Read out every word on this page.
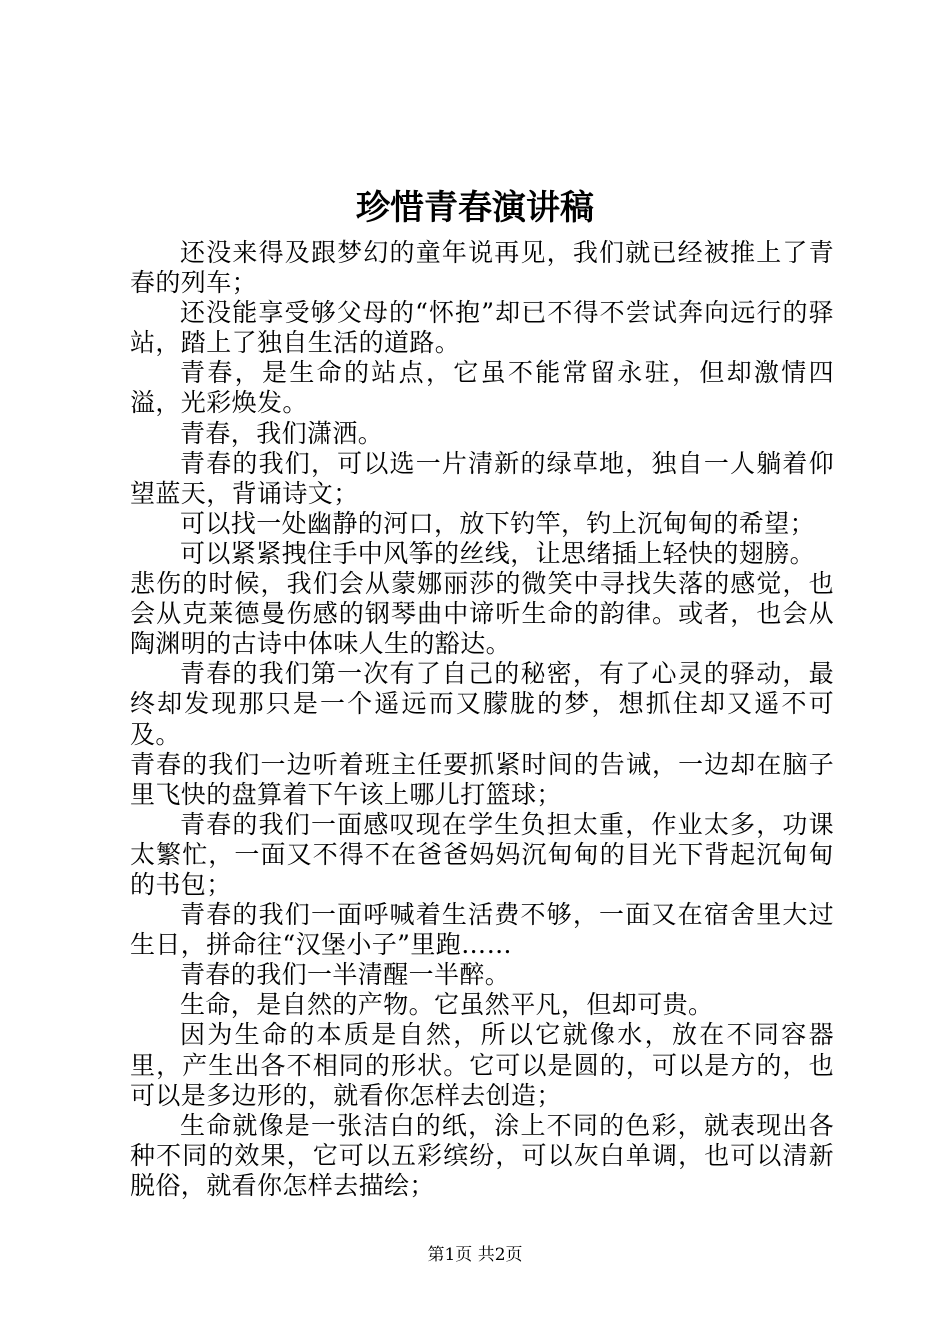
珍惜青春演讲稿

还没来得及跟梦幻的童年说再见，我们就已经被推上了青春的列车；

还没能享受够父母的“怀抱”却已不得不尝试奔向远行的驿站，踏上了独自生活的道路。

青春，是生命的站点，它虽不能常留永驻，但却激情四溢，光彩焕发。

青春，我们潇洒。

青春的我们，可以选一片清新的绿草地，独自一人躺着仰望蓝天，背诵诗文；

可以找一处幽静的河口，放下钓竿，钓上沉甸甸的希望；

可以紧紧拽住手中风筝的丝线，让思绪插上轻快的翅膀。

悲伤的时候，我们会从蒙娜丽莎的微笑中寻找失落的感觉，也会从克莱德曼伤感的钢琴曲中谛听生命的韵律。或者，也会从陶渊明的古诗中体味人生的豁达。

青春的我们第一次有了自己的秘密，有了心灵的驿动，最终却发现那只是一个遥远而又朦胧的梦，想抓住却又遥不可及。

青春的我们一边听着班主任要抓紧时间的告诫，一边却在脑子里飞快的盘算着下午该上哪儿打篮球；

青春的我们一面感叹现在学生负担太重，作业太多，功课太繁忙，一面又不得不在爸爸妈妈沉甸甸的目光下背起沉甸甸的书包；

青春的我们一面呼喊着生活费不够，一面又在宿舍里大过生日，拼命往“汉堡小子”里跑……

青春的我们一半清醒一半醉。

生命，是自然的产物。它虽然平凡，但却可贵。

因为生命的本质是自然，所以它就像水，放在不同容器里，产生出各不相同的形状。它可以是圆的，可以是方的，也可以是多边形的，就看你怎样去创造；

生命就像是一张洁白的纸，涂上不同的色彩，就表现出各种不同的效果，它可以五彩缤纷，可以灰白单调，也可以清新脱俗，就看你怎样去描绘；

第1页 共2页
